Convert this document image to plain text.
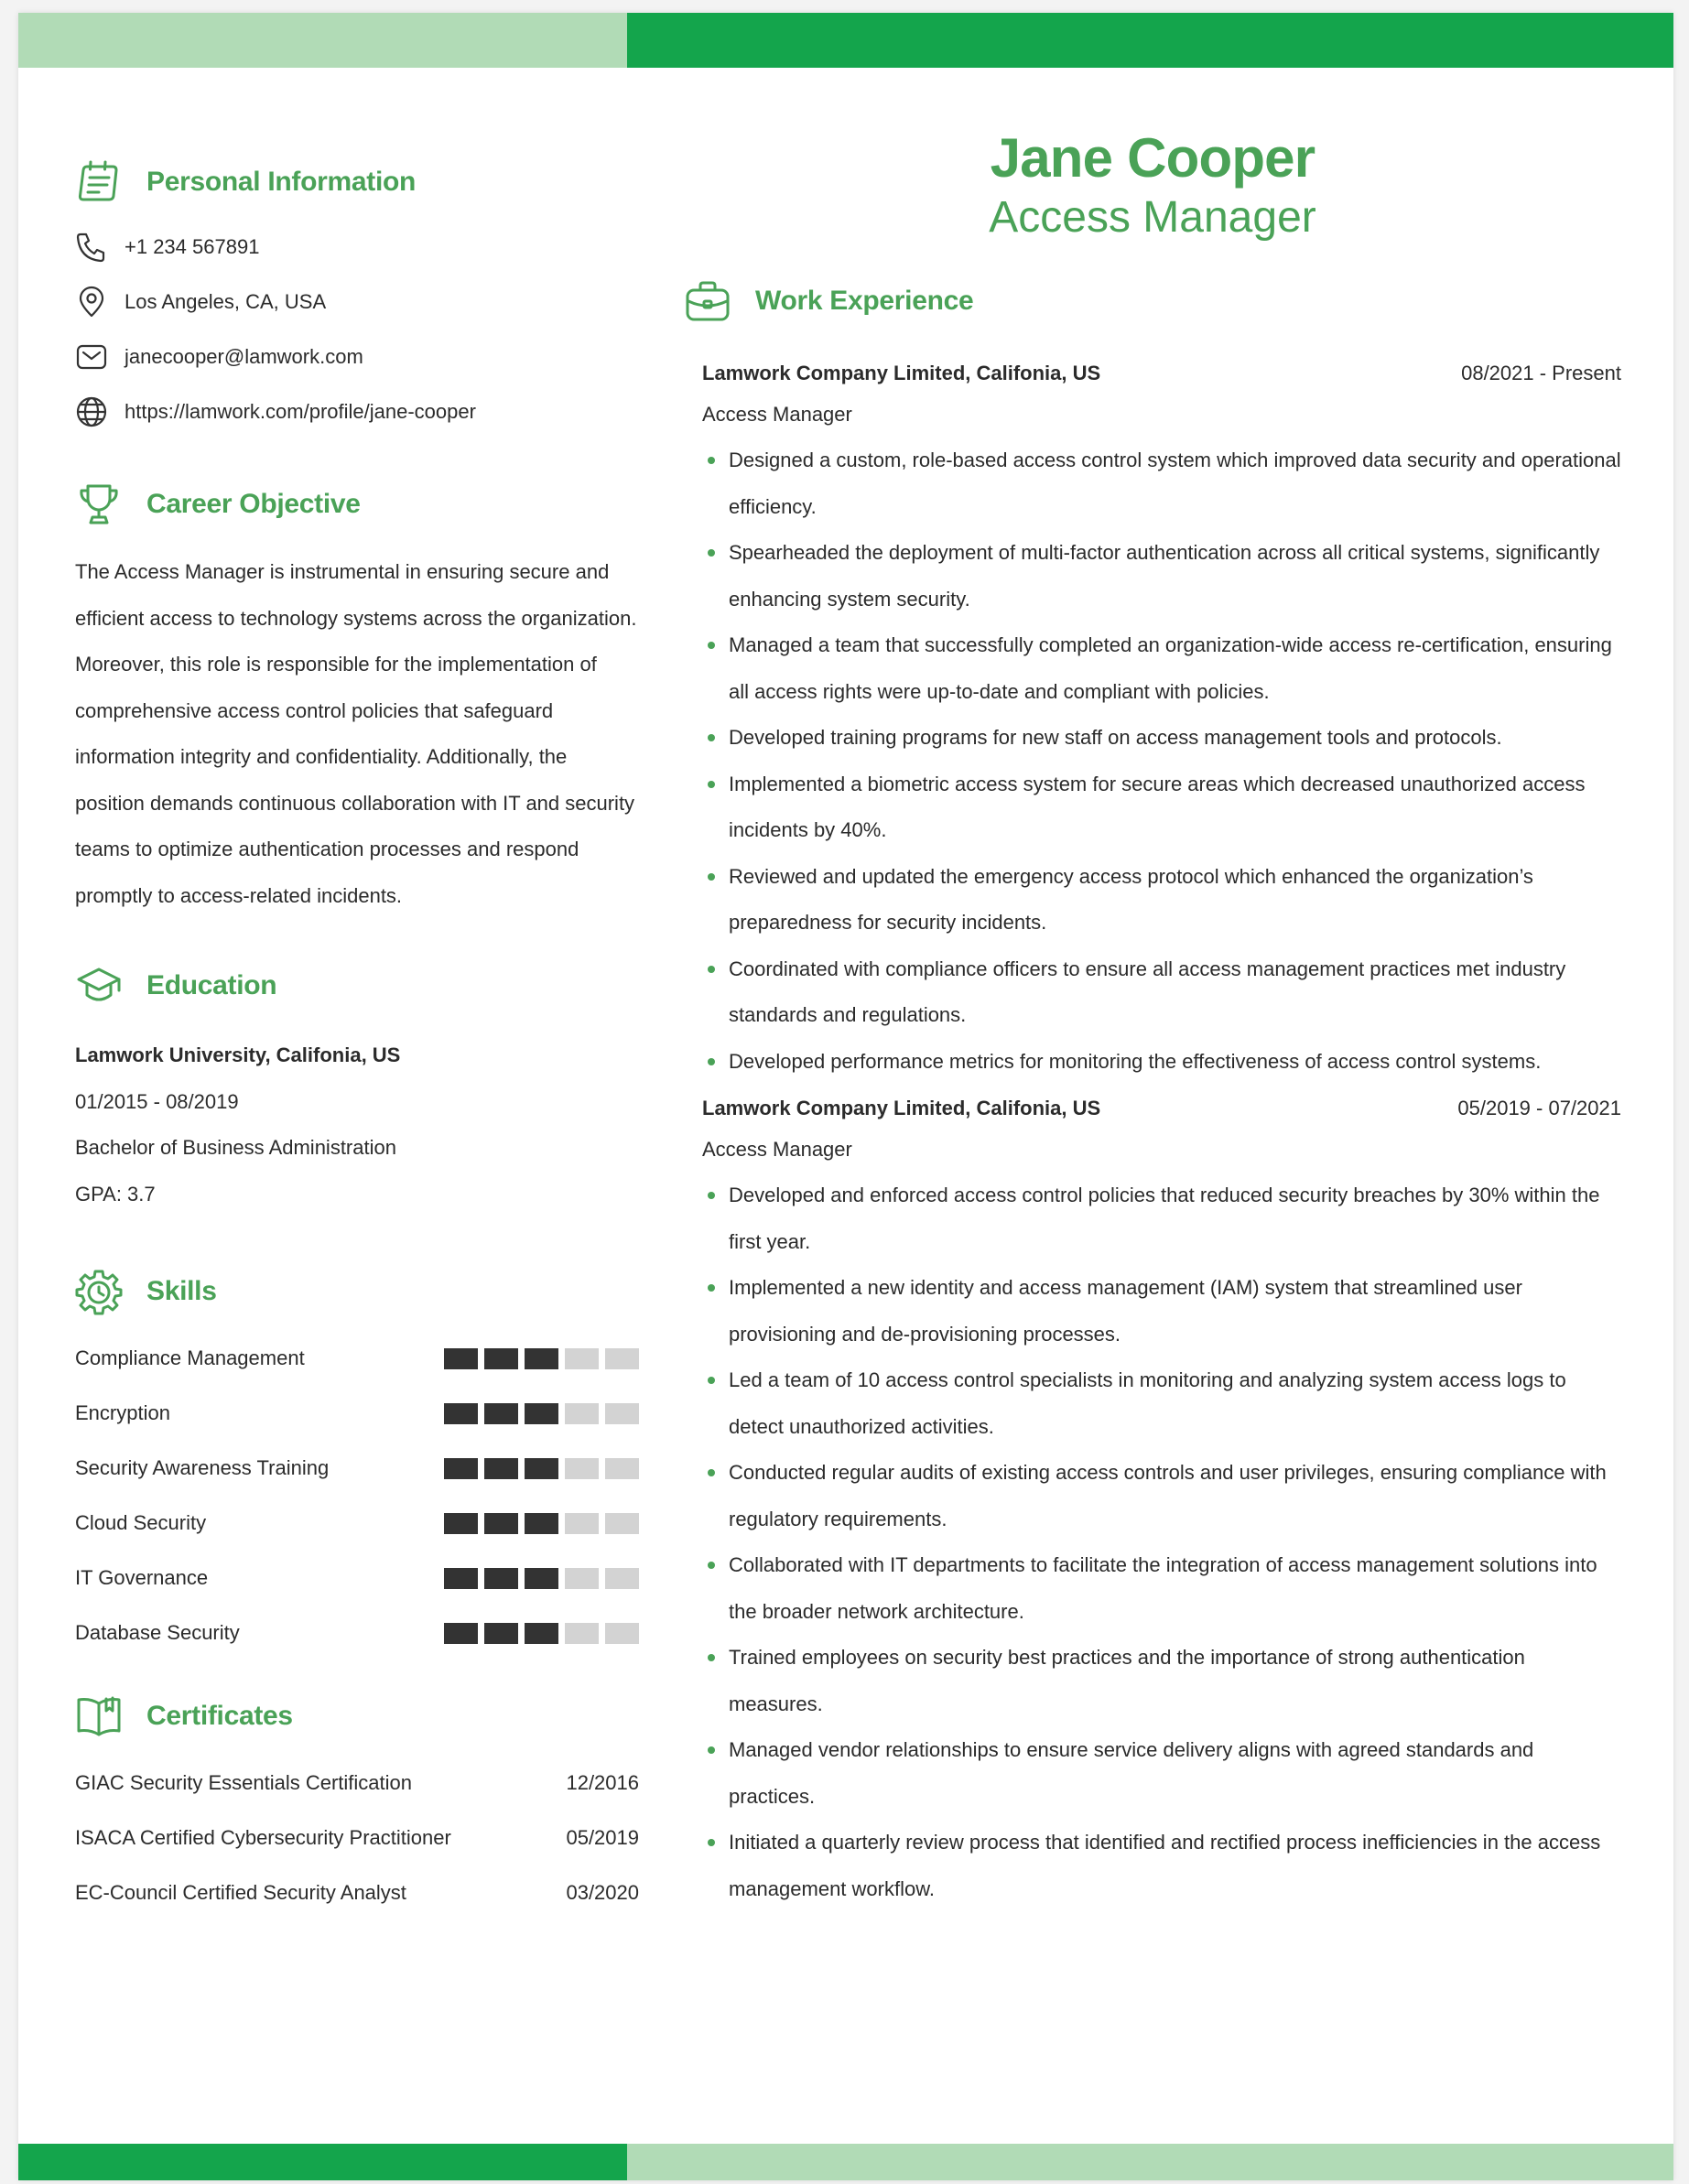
Personal Information
+1 234 567891
Los Angeles, CA, USA
janecooper@lamwork.com
https://lamwork.com/profile/jane-cooper
Career Objective

The Access Manager is instrumental in ensuring secure and efficient access to technology systems across the organization. Moreover, this role is responsible for the implementation of comprehensive access control policies that safeguard information integrity and confidentiality. Additionally, the position demands continuous collaboration with IT and security teams to optimize authentication processes and respond promptly to access-related incidents.

Education
Lamwork University, Califonia, US
01/2015 - 08/2019
Bachelor of Business Administration
GPA: 3.7
Skills
Compliance Management
Encryption
Security Awareness Training
Cloud Security
IT Governance
Database Security
Certificates
GIAC Security Essentials Certification	12/2016
ISACA Certified Cybersecurity Practitioner	05/2019
EC-Council Certified Security Analyst	03/2020
Jane Cooper
Access Manager
Work Experience
Lamwork Company Limited, Califonia, US	08/2021 - Present
Access Manager
Designed a custom, role-based access control system which improved data security and operational efficiency.
Spearheaded the deployment of multi-factor authentication across all critical systems, significantly enhancing system security.
Managed a team that successfully completed an organization-wide access re-certification, ensuring all access rights were up-to-date and compliant with policies.
Developed training programs for new staff on access management tools and protocols.
Implemented a biometric access system for secure areas which decreased unauthorized access incidents by 40%.
Reviewed and updated the emergency access protocol which enhanced the organization’s preparedness for security incidents.
Coordinated with compliance officers to ensure all access management practices met industry standards and regulations.
Developed performance metrics for monitoring the effectiveness of access control systems.
Lamwork Company Limited, Califonia, US	05/2019 - 07/2021
Access Manager
Developed and enforced access control policies that reduced security breaches by 30% within the first year.
Implemented a new identity and access management (IAM) system that streamlined user provisioning and de-provisioning processes.
Led a team of 10 access control specialists in monitoring and analyzing system access logs to detect unauthorized activities.
Conducted regular audits of existing access controls and user privileges, ensuring compliance with regulatory requirements.
Collaborated with IT departments to facilitate the integration of access management solutions into the broader network architecture.
Trained employees on security best practices and the importance of strong authentication measures.
Managed vendor relationships to ensure service delivery aligns with agreed standards and practices.
Initiated a quarterly review process that identified and rectified process inefficiencies in the access management workflow.
